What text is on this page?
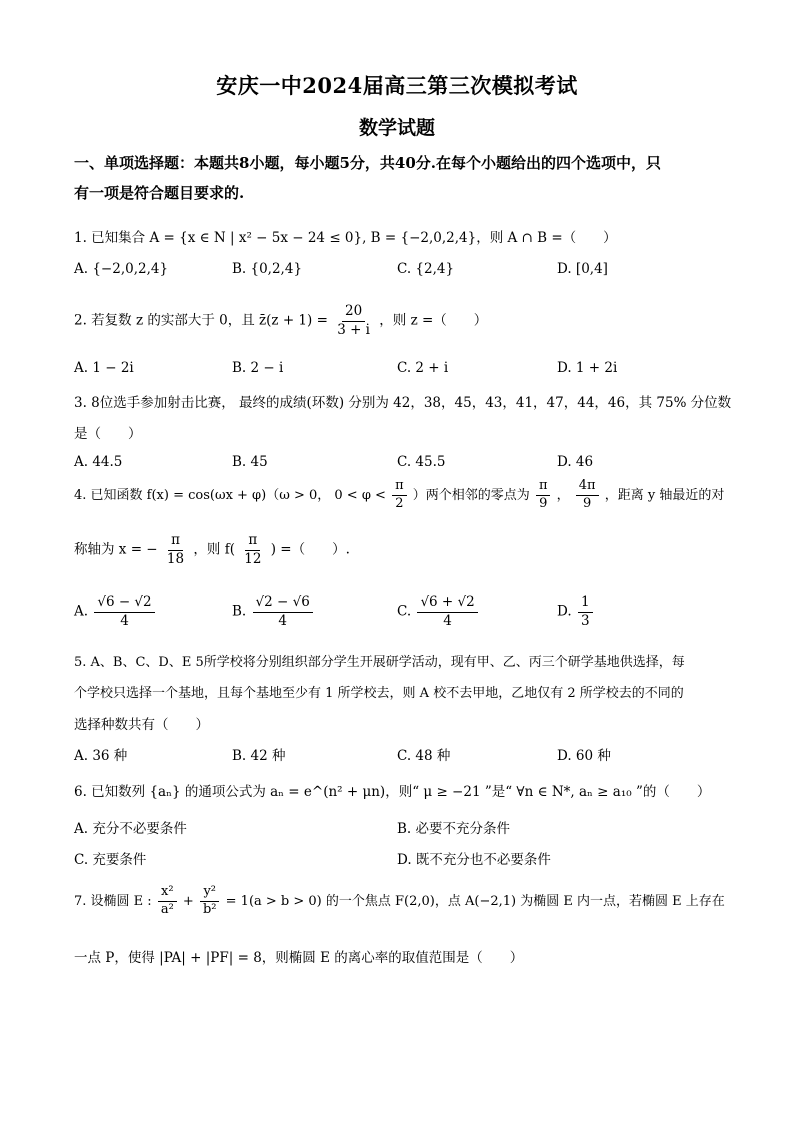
安庆一中2024届高三第三次模拟考试
数学试题
一、单项选择题：本题共8小题，每小题5分，共40分.在每个小题给出的四个选项中，只
有一项是符合题目要求的.
1. 已知集合 A = {x ∈ N | x² − 5x − 24 ≤ 0}, B = {−2,0,2,4}，则 A ∩ B =（　　）
A. {−2,0,2,4}	B. {0,2,4}	C. {2,4}	D. [0,4]
2. 若复数 z 的实部大于 0，且 z̄(z + $1) = \frac{20}{3 + i}$ ，则 z =（　　）
A. 1 − 2i	B. 2 − i	C. 2 + i	D. 1 + 2i
3. 8位选手参加射击比赛， 最终的成绩(环数) 分别为 42，38，45，43，41，47，44，46，其 75% 分位数
是（　　）
A. 44.5	B. 45	C. 45.5	D. 46
4. 已知函数 f(x) = cos(ωx + φ)（ω > 0， $0 < \varphi < \frac{\pi}{2}$ ）两个相邻的零点为 $\frac{\pi}{9}$ ， $\frac{4\pi}{9}$ ，距离 y 轴最近的对
称轴为 x = − $\frac{\pi}{18}$ ，则 $f( \frac{\pi}{12}$ ) =（　　）.
A. $\frac{√6 - √2}{4}$	B. $\frac{√2 - √6}{4}$	C. $\frac{√6 + √2}{4}$	D. $\frac{1}{3}$
5. A、B、C、D、E 5所学校将分别组织部分学生开展研学活动，现有甲、乙、丙三个研学基地供选择，每
个学校只选择一个基地，且每个基地至少有 1 所学校去，则 A 校不去甲地，乙地仅有 2 所学校去的不同的
选择种数共有（　　）
A. 36 种	B. 42 种	C. 48 种	D. 60 种
6. 已知数列 {aₙ} 的通项公式为 aₙ = e^(n² + μn)，则“ μ ≥ −21 ”是“ ∀n ∈ N*, aₙ ≥ a₁₀ ”的（　　）
A. 充分不必要条件	B. 必要不充分条件
C. 充要条件	D. 既不充分也不必要条件
7. 设椭圆 E : $\frac{\text{x²}}{\text{a²}} + \frac{\text{y²}}{\text{b²}} = 1(a > b > 0)$ 的一个焦点 F(2,0)，点 A(−2,1) 为椭圆 E 内一点，若椭圆 E 上存在
一点 P，使得 |PA| + |PF| = 8，则椭圆 E 的离心率的取值范围是（　　）
